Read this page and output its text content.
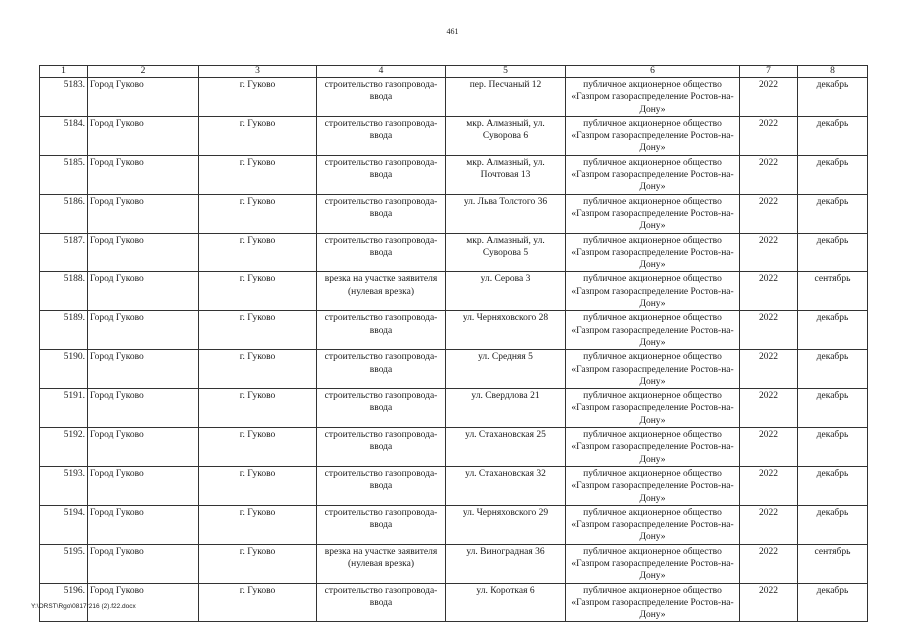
461
1	2	3	4	5	6	7	8
5183.	Город Гуково	г. Гуково	строительство газопровода-ввода	пер. Песчаный 12	публичное акционерное общество «Газпром газораспределение Ростов-на-Дону»	2022	декабрь
5184.	Город Гуково	г. Гуково	строительство газопровода-ввода	мкр. Алмазный, ул. Суворова 6	публичное акционерное общество «Газпром газораспределение Ростов-на-Дону»	2022	декабрь
5185.	Город Гуково	г. Гуково	строительство газопровода-ввода	мкр. Алмазный, ул. Почтовая 13	публичное акционерное общество «Газпром газораспределение Ростов-на-Дону»	2022	декабрь
5186.	Город Гуково	г. Гуково	строительство газопровода-ввода	ул. Льва Толстого 36	публичное акционерное общество «Газпром газораспределение Ростов-на-Дону»	2022	декабрь
5187.	Город Гуково	г. Гуково	строительство газопровода-ввода	мкр. Алмазный, ул. Суворова 5	публичное акционерное общество «Газпром газораспределение Ростов-на-Дону»	2022	декабрь
5188.	Город Гуково	г. Гуково	врезка на участке заявителя (нулевая врезка)	ул. Серова 3	публичное акционерное общество «Газпром газораспределение Ростов-на-Дону»	2022	сентябрь
5189.	Город Гуково	г. Гуково	строительство газопровода-ввода	ул. Черняховского 28	публичное акционерное общество «Газпром газораспределение Ростов-на-Дону»	2022	декабрь
5190.	Город Гуково	г. Гуково	строительство газопровода-ввода	ул. Средняя 5	публичное акционерное общество «Газпром газораспределение Ростов-на-Дону»	2022	декабрь
5191.	Город Гуково	г. Гуково	строительство газопровода-ввода	ул. Свердлова 21	публичное акционерное общество «Газпром газораспределение Ростов-на-Дону»	2022	декабрь
5192.	Город Гуково	г. Гуково	строительство газопровода-ввода	ул. Стахановская 25	публичное акционерное общество «Газпром газораспределение Ростов-на-Дону»	2022	декабрь
5193.	Город Гуково	г. Гуково	строительство газопровода-ввода	ул. Стахановская 32	публичное акционерное общество «Газпром газораспределение Ростов-на-Дону»	2022	декабрь
5194.	Город Гуково	г. Гуково	строительство газопровода-ввода	ул. Черняховского 29	публичное акционерное общество «Газпром газораспределение Ростов-на-Дону»	2022	декабрь
5195.	Город Гуково	г. Гуково	врезка на участке заявителя (нулевая врезка)	ул. Виноградная 36	публичное акционерное общество «Газпром газораспределение Ростов-на-Дону»	2022	сентябрь
5196.	Город Гуково	г. Гуково	строительство газопровода-ввода	ул. Короткая 6	публичное акционерное общество «Газпром газораспределение Ростов-на-Дону»	2022	декабрь
Y:\ORST\Rgo\0817r216 (2).f22.docx
